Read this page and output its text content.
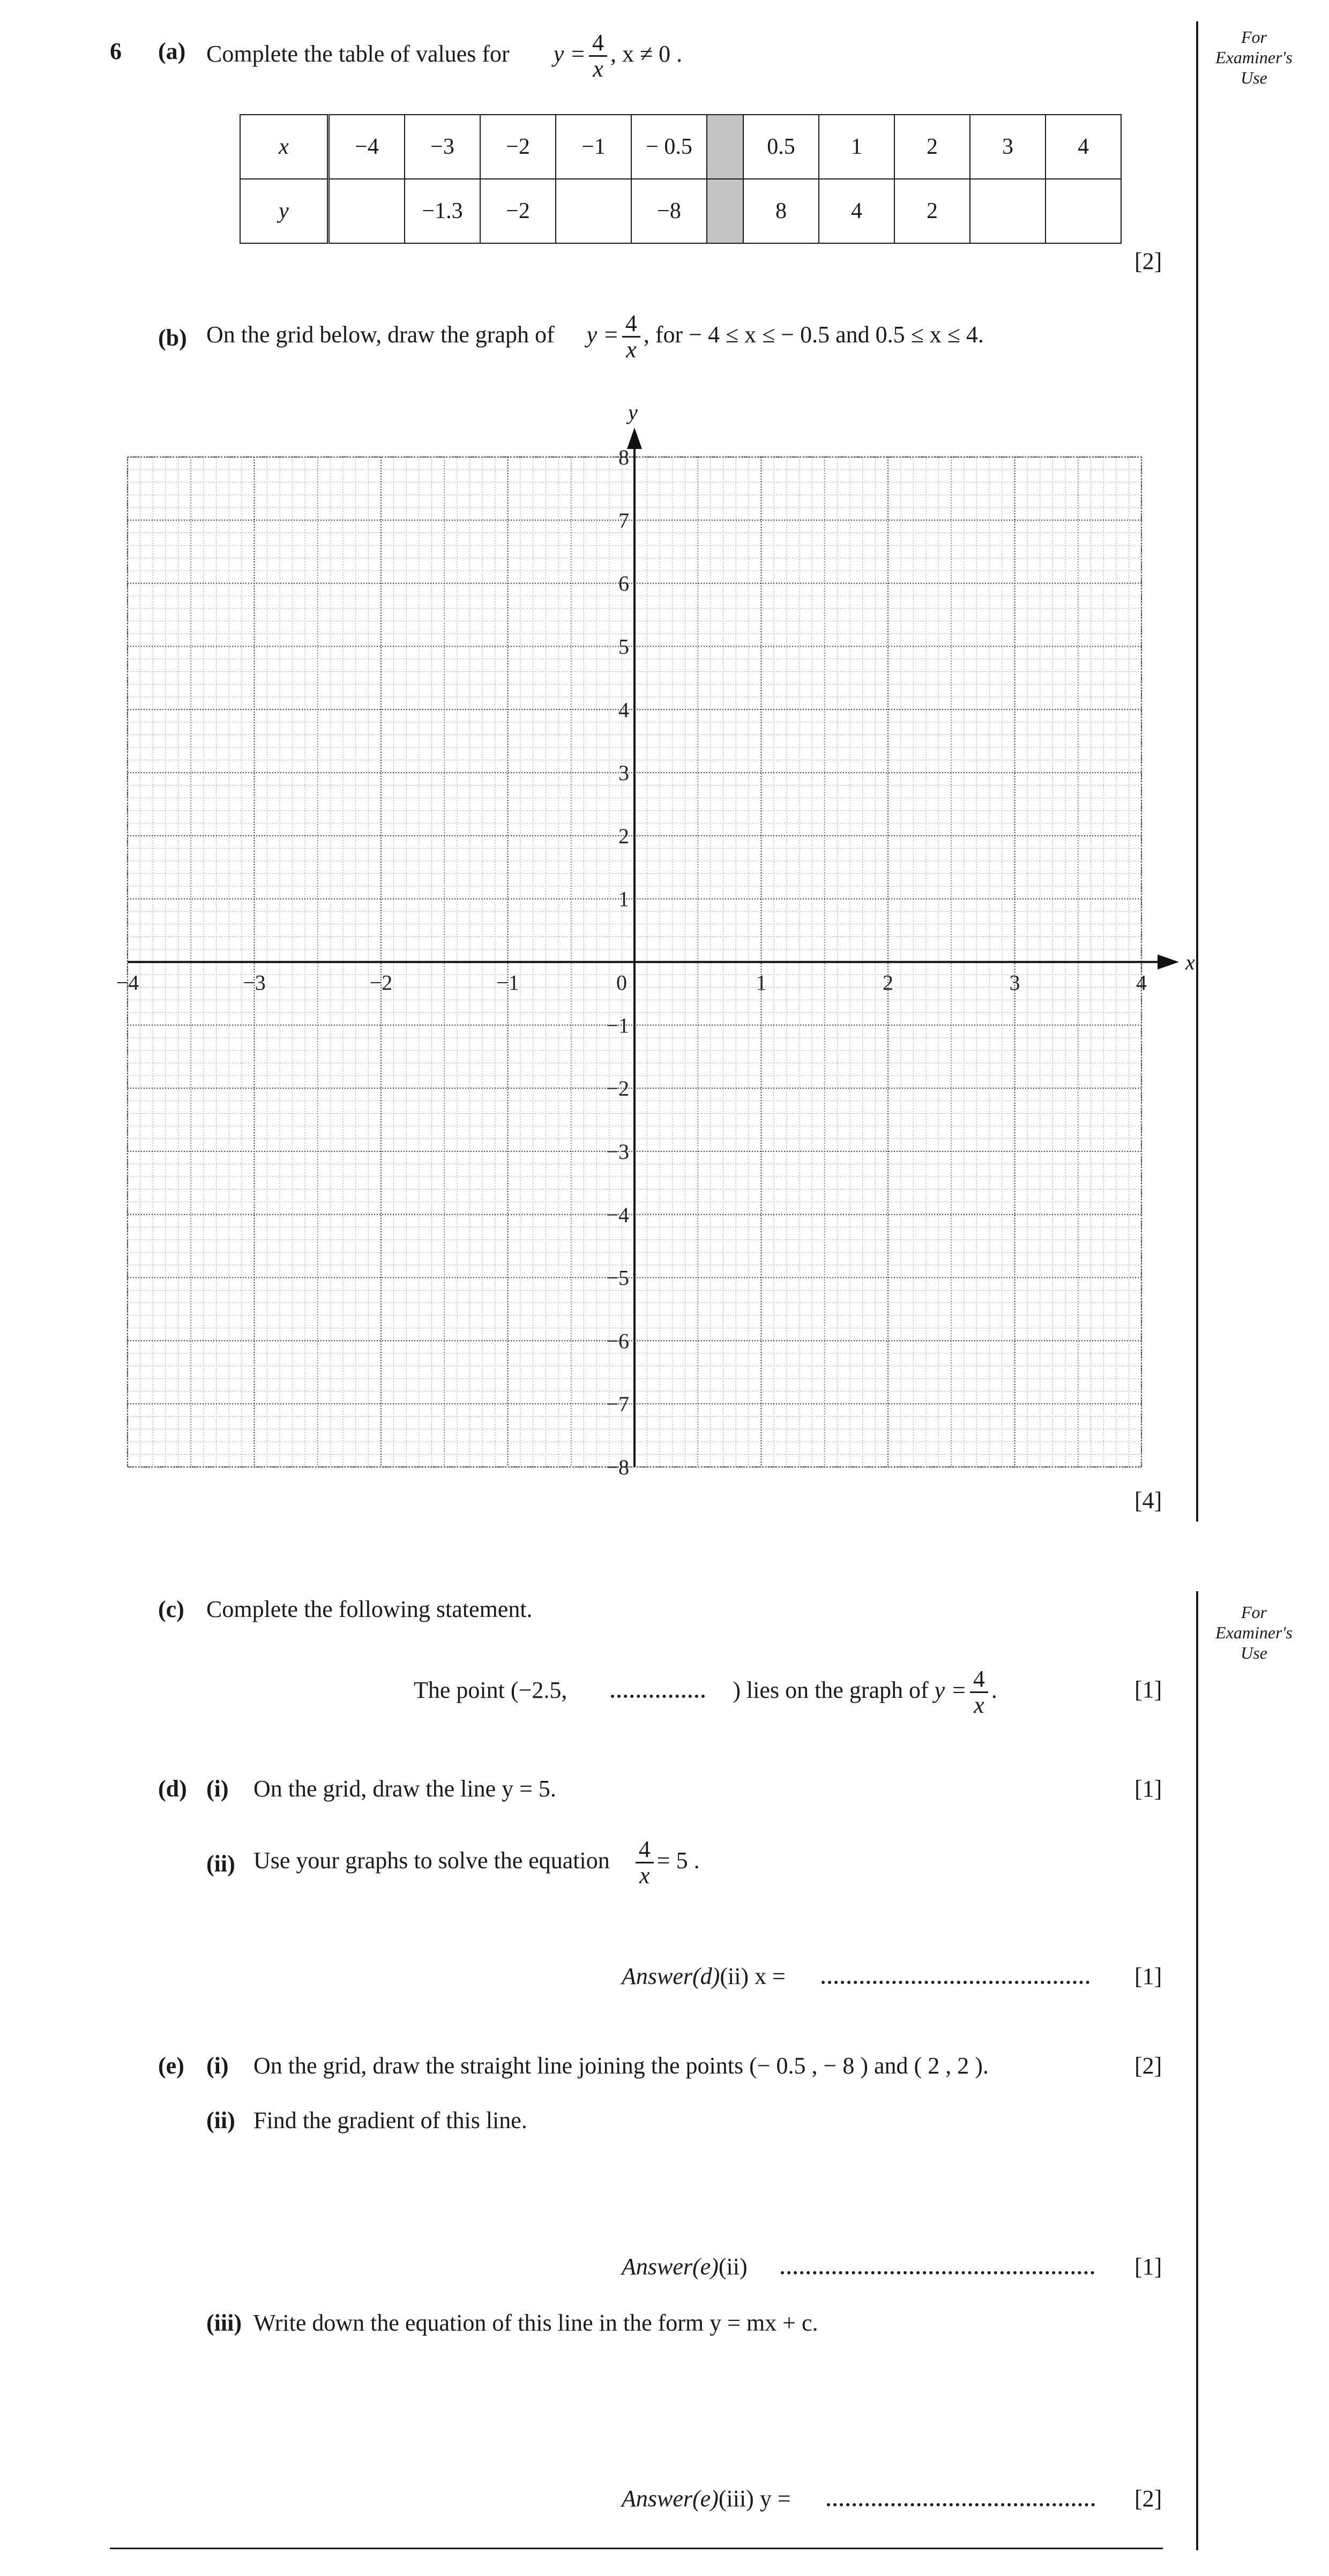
For
Examiner's
Use
For
Examiner's
Use
6 (a) Complete the table of values for $y = \frac{4}{x}$ , x ≠ 0 .
x	−4	−3	−2	−1	− 0.5		0.5	1	2	3	4
y		−1.3	−2		−8		8	4	2		
[2]
(b) On the grid below, draw the graph of $y = \frac{4}{x}$ , for − 4 ≤ x ≤ − 0.5 and 0.5 ≤ x ≤ 4.
x
y
−4	−3	−2	−1	0	1	2	3	4
1
2
3
4
5
6
7
8
−1
−2
−3
−4
−5
−6
−7
−8
[4]
(c) Complete the following statement.
The point (−2.5,	) lies on the graph of $y = \frac{4}{x}$ .	[1]
(d) (i) On the grid, draw the line y = 5.	[1]
(ii) Use your graphs to solve the equation $\frac{4}{x} = 5$ .
Answer(d)(ii) x =	[1]
(e) (i) On the grid, draw the straight line joining the points (− 0.5 , − 8 ) and ( 2 , 2 ).	[2]
(ii) Find the gradient of this line.
Answer(e)(ii)	[1]
(iii) Write down the equation of this line in the form y = mx + c.
Answer(e)(iii) y =	[2]
